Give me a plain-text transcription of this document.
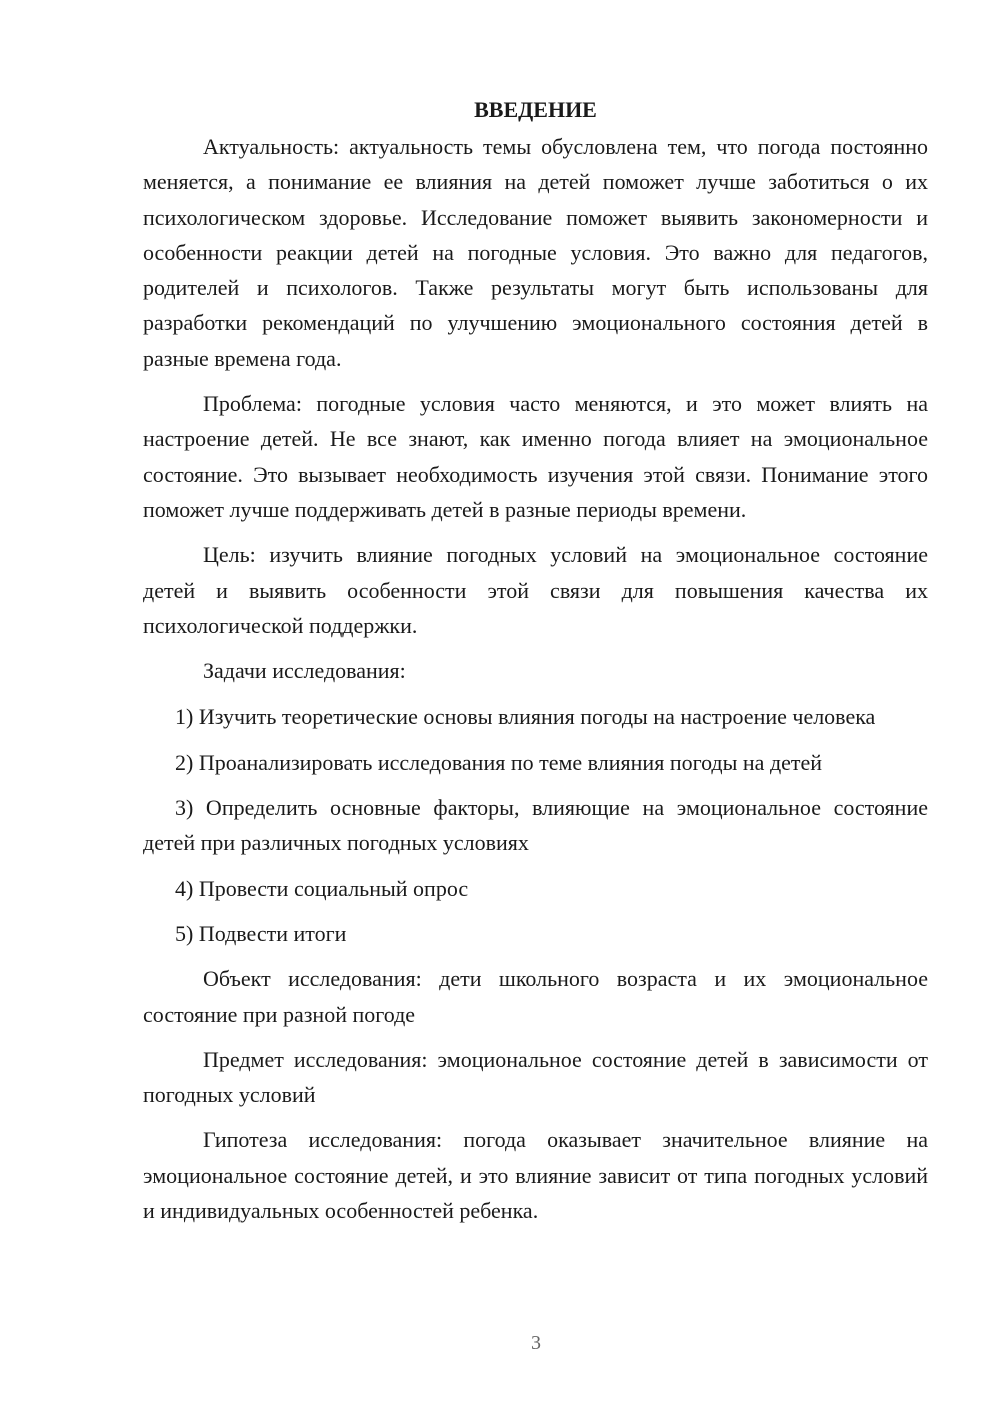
ВВЕДЕНИЕ

Актуальность: актуальность темы обусловлена тем, что погода постоянно меняется, а понимание ее влияния на детей поможет лучше заботиться о их психологическом здоровье. Исследование поможет выявить закономерности и особенности реакции детей на погодные условия. Это важно для педагогов, родителей и психологов. Также результаты могут быть использованы для разработки рекомендаций по улучшению эмоционального состояния детей в разные времена года.

Проблема: погодные условия часто меняются, и это может влиять на настроение детей. Не все знают, как именно погода влияет на эмоциональное состояние. Это вызывает необходимость изучения этой связи. Понимание этого поможет лучше поддерживать детей в разные периоды времени.

Цель: изучить влияние погодных условий на эмоциональное состояние детей и выявить особенности этой связи для повышения качества их психологической поддержки.

Задачи исследования:

1) Изучить теоретические основы влияния погоды на настроение человека

2) Проанализировать исследования по теме влияния погоды на детей

3) Определить основные факторы, влияющие на эмоциональное состояние детей при различных погодных условиях

4) Провести социальный опрос

5) Подвести итоги

Объект исследования: дети школьного возраста и их эмоциональное состояние при разной погоде

Предмет исследования: эмоциональное состояние детей в зависимости от погодных условий

Гипотеза исследования: погода оказывает значительное влияние на эмоциональное состояние детей, и это влияние зависит от типа погодных условий и индивидуальных особенностей ребенка.

3
